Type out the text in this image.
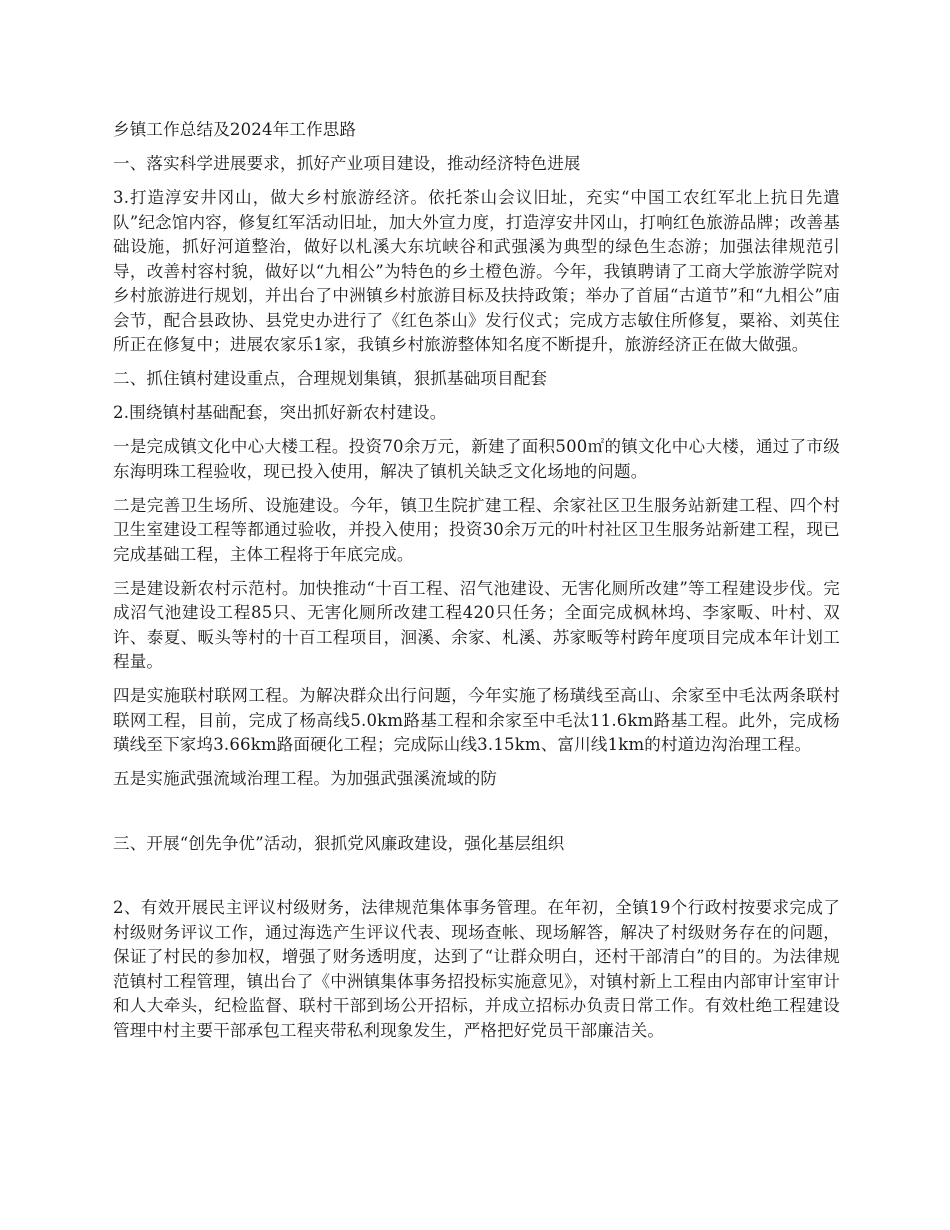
乡镇工作总结及2024年工作思路

一、落实科学进展要求，抓好产业项目建设，推动经济特色进展

3.打造淳安井冈山，做大乡村旅游经济。依托茶山会议旧址，充实“中国工农红军北上抗日先遣队”纪念馆内容，修复红军活动旧址，加大外宣力度，打造淳安井冈山，打响红色旅游品牌；改善基础设施，抓好河道整治，做好以札溪大东坑峡谷和武强溪为典型的绿色生态游；加强法律规范引导，改善村容村貌，做好以“九相公”为特色的乡土橙色游。今年，我镇聘请了工商大学旅游学院对乡村旅游进行规划，并出台了中洲镇乡村旅游目标及扶持政策；举办了首届“古道节”和“九相公”庙会节，配合县政协、县党史办进行了《红色茶山》发行仪式；完成方志敏住所修复，粟裕、刘英住所正在修复中；进展农家乐1家，我镇乡村旅游整体知名度不断提升，旅游经济正在做大做强。

二、抓住镇村建设重点，合理规划集镇，狠抓基础项目配套

2.围绕镇村基础配套，突出抓好新农村建设。

一是完成镇文化中心大楼工程。投资70余万元，新建了面积500㎡的镇文化中心大楼，通过了市级东海明珠工程验收，现已投入使用，解决了镇机关缺乏文化场地的问题。

二是完善卫生场所、设施建设。今年，镇卫生院扩建工程、余家社区卫生服务站新建工程、四个村卫生室建设工程等都通过验收，并投入使用；投资30余万元的叶村社区卫生服务站新建工程，现已完成基础工程，主体工程将于年底完成。

三是建设新农村示范村。加快推动“十百工程、沼气池建设、无害化厕所改建”等工程建设步伐。完成沼气池建设工程85只、无害化厕所改建工程420只任务；全面完成枫林坞、李家畈、叶村、双许、泰夏、畈头等村的十百工程项目，洄溪、余家、札溪、苏家畈等村跨年度项目完成本年计划工程量。

四是实施联村联网工程。为解决群众出行问题，今年实施了杨璜线至高山、余家至中毛汰两条联村联网工程，目前，完成了杨高线5.0km路基工程和余家至中毛汰11.6km路基工程。此外，完成杨璜线至下家坞3.66km路面硬化工程；完成际山线3.15km、富川线1km的村道边沟治理工程。

五是实施武强流域治理工程。为加强武强溪流域的防

三、开展“创先争优”活动，狠抓党风廉政建设，强化基层组织

2、有效开展民主评议村级财务，法律规范集体事务管理。在年初，全镇19个行政村按要求完成了村级财务评议工作，通过海选产生评议代表、现场查帐、现场解答，解决了村级财务存在的问题，保证了村民的参加权，增强了财务透明度，达到了“让群众明白，还村干部清白”的目的。为法律规范镇村工程管理，镇出台了《中洲镇集体事务招投标实施意见》，对镇村新上工程由内部审计室审计和人大牵头，纪检监督、联村干部到场公开招标，并成立招标办负责日常工作。有效杜绝工程建设管理中村主要干部承包工程夹带私利现象发生，严格把好党员干部廉洁关。
